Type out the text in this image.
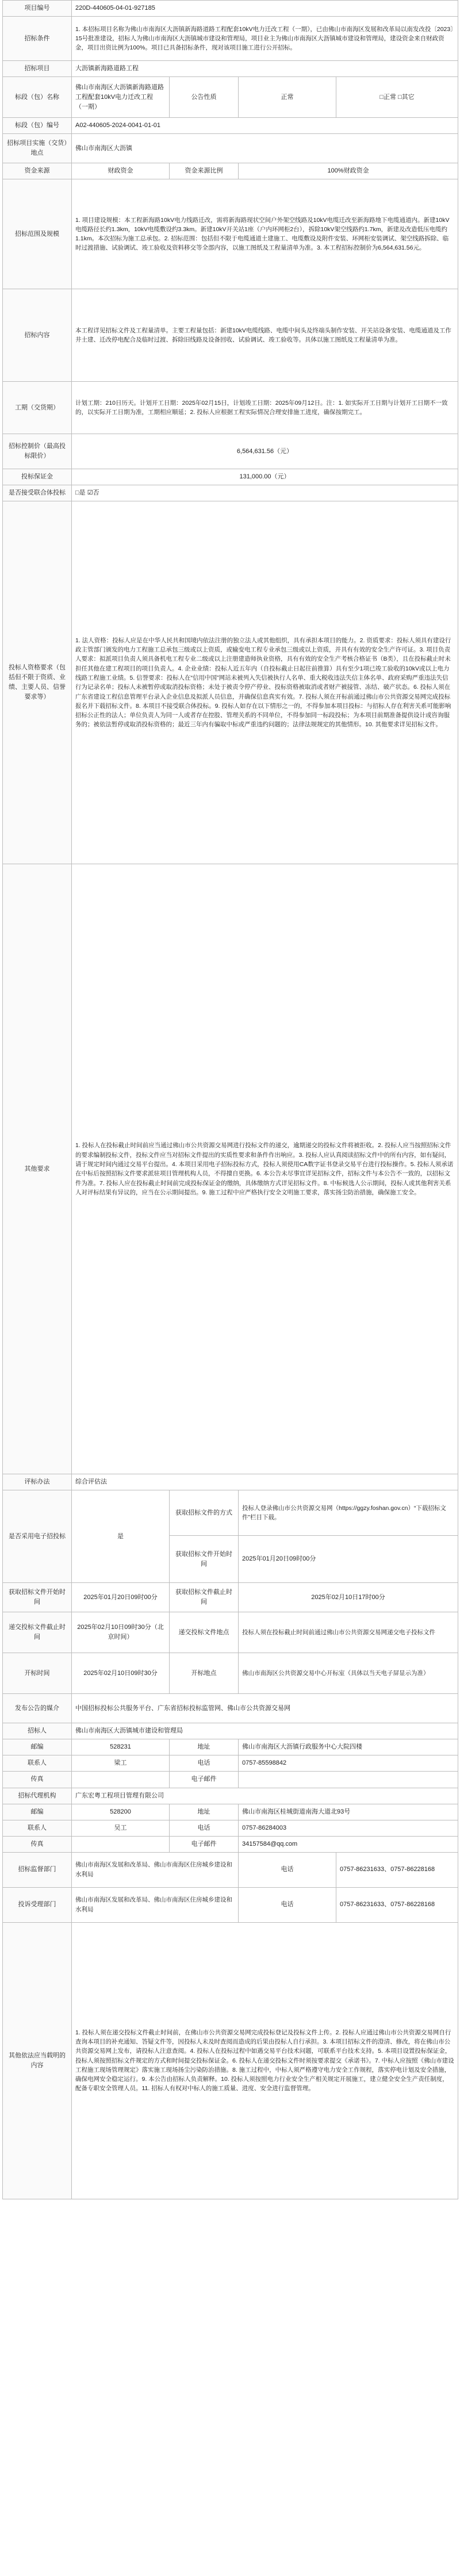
项目编号	220D-440605-04-01-927185			
招标条件	1. 本招标项目名称为佛山市南海区大沥镇新海路道路工程配套10kV电力迁改工程（一期），已由佛山市南海区发展和改革局以南发改投〔2023〕15号批准建设，招标人为佛山市南海区大沥镇城市建设和管理局，项目业主为佛山市南海区大沥镇城市建设和管理局，建设资金来自财政资金，项目出资比例为100%。项目已具备招标条件，现对该项目施工进行公开招标。			
招标项目	大沥镇新海路道路工程			
标段（包）名称	佛山市南海区大沥镇新海路道路工程配套10kV电力迁改工程（一期）	公告性质	正常	□正常 □其它
标段（包）编号	A02-440605-2024-0041-01-01			
招标项目实施（交货）地点	佛山市南海区大沥镇			
资金来源	财政资金	资金来源比例	100%财政资金	
招标范围及规模	1. 项目建设规模：本工程新海路10kV电力线路迁改，需将新海路现状空间户外架空线路及10kV电缆迁改至新海路地下电缆通道内。新建10kV电缆路径长约1.3km，10kV电缆敷设约3.3km。新建10kV开关站1座（户内环网柜2台），拆除10kV架空线路约1.7km，新建及改造低压电缆约1.1km。本次招标为施工总承包。2. 招标范围：包括但不限于电缆通道土建施工、电缆敷设及附件安装、环网柜安装调试、架空线路拆除、临时过渡措施、试验调试、竣工验收及资料移交等全部内容，以施工图纸及工程量清单为准。3. 本工程招标控制价为6,564,631.56元。			
招标内容	本工程详见招标文件及工程量清单。主要工程量包括：新建10kV电缆线路、电缆中间头及终端头制作安装、开关站设备安装、电缆通道及工作井土建、迁改停电配合及临时过渡、拆除旧线路及设备回收、试验调试、竣工验收等。具体以施工图纸及工程量清单为准。			
工期（交货期）	计划工期：210日历天。计划开工日期：2025年02月15日，计划竣工日期：2025年09月12日。注：1. 如实际开工日期与计划开工日期不一致的，以实际开工日期为准，工期相应顺延；2. 投标人应根据工程实际情况合理安排施工进度，确保按期完工。			
招标控制价（最高投标限价）	6,564,631.56（元）			
投标保证金	131,000.00（元）			
是否接受联合体投标	□是 ☑否			
投标人资格要求（包括但不限于资质、业绩、主要人员、信誉要求等）	1. 法人资格：投标人应是在中华人民共和国境内依法注册的独立法人或其他组织，具有承担本项目的能力。2. 资质要求：投标人须具有建设行政主管部门颁发的电力工程施工总承包三级或以上资质，或输变电工程专业承包三级或以上资质，并具有有效的安全生产许可证。3. 项目负责人要求：拟派项目负责人须具备机电工程专业二级或以上注册建造师执业资格，具有有效的安全生产考核合格证书（B类），且在投标截止时未担任其他在建工程项目的项目负责人。4. 企业业绩：投标人近五年内（自投标截止日起往前推算）具有至少1项已竣工验收的10kV或以上电力线路工程施工业绩。5. 信誉要求：投标人在“信用中国”网站未被列入失信被执行人名单、重大税收违法失信主体名单、政府采购严重违法失信行为记录名单；投标人未被暂停或取消投标资格；未处于被责令停产停业、投标资格被取消或者财产被接管、冻结、破产状态。6. 投标人须在广东省建设工程信息管理平台录入企业信息及拟派人员信息，并确保信息真实有效。7. 投标人须在开标前通过佛山市公共资源交易网完成投标报名并下载招标文件。8. 本项目不接受联合体投标。9. 投标人如存在以下情形之一的，不得参加本项目投标：与招标人存在利害关系可能影响招标公正性的法人；单位负责人为同一人或者存在控股、管理关系的不同单位，不得参加同一标段投标；为本项目前期准备提供设计或咨询服务的；被依法暂停或取消投标资格的；最近三年内有骗取中标或严重违约问题的；法律法规规定的其他情形。10. 其他要求详见招标文件。			
其他要求	1. 投标人在投标截止时间前应当通过佛山市公共资源交易网进行投标文件的递交，逾期递交的投标文件将被拒收。2. 投标人应当按照招标文件的要求编制投标文件，投标文件应当对招标文件提出的实质性要求和条件作出响应。3. 投标人应认真阅读招标文件中的所有内容，如有疑问，请于规定时间内通过交易平台提出。4. 本项目采用电子招标投标方式，投标人须使用CA数字证书登录交易平台进行投标操作。5. 投标人须承诺在中标后按照招标文件要求派驻项目管理机构人员，不得擅自更换。6. 本公告未尽事宜详见招标文件，招标文件与本公告不一致的，以招标文件为准。7. 投标人应在投标截止时间前完成投标保证金的缴纳，具体缴纳方式详见招标文件。8. 中标候选人公示期间，投标人或其他利害关系人对评标结果有异议的，应当在公示期间提出。9. 施工过程中应严格执行安全文明施工要求，落实扬尘防治措施，确保施工安全。			
评标办法	综合评估法			
是否采用电子招投标	是	获取招标文件的方式	投标人登录佛山市公共资源交易网（https://ggzy.foshan.gov.cn）“下载招标文件”栏目下载。	
		获取招标文件开始时间	2025年01月20日09时00分	
获取招标文件开始时间	2025年01月20日09时00分	获取招标文件截止时间	2025年02月10日17时00分	
递交投标文件截止时间	2025年02月10日09时30分（北京时间）	递交投标文件地点	投标人须在投标截止时间前通过佛山市公共资源交易网递交电子投标文件	
开标时间	2025年02月10日09时30分	开标地点	佛山市南海区公共资源交易中心开标室（具体以当天电子屏显示为准）	
发布公告的媒介	中国招标投标公共服务平台、广东省招标投标监管网、佛山市公共资源交易网			
招标人	佛山市南海区大沥镇城市建设和管理局			
邮编	528231	地址	佛山市南海区大沥镇行政服务中心大院四楼	
联系人	梁工	电话	0757-85598842	
传真		电子邮件		
招标代理机构	广东宏粤工程项目管理有限公司			
邮编	528200	地址	佛山市南海区桂城街道南海大道北93号	
联系人	吴工	电话	0757-86284003	
传真		电子邮件	34157584@qq.com	
招标监督部门	佛山市南海区发展和改革局、佛山市南海区住房城乡建设和水利局		电话	0757-86231633、0757-86228168
投诉受理部门	佛山市南海区发展和改革局、佛山市南海区住房城乡建设和水利局		电话	0757-86231633、0757-86228168
其他依法应当载明的内容	1. 投标人须在递交投标文件截止时间前，在佛山市公共资源交易网完成投标登记及投标文件上传。2. 投标人应通过佛山市公共资源交易网自行查询本项目的补充通知、答疑文件等，因投标人未及时查阅而造成的后果由投标人自行承担。3. 本项目招标文件的澄清、修改，将在佛山市公共资源交易网上发布，请投标人注意查阅。4. 投标人在投标过程中如遇交易平台技术问题，可联系平台技术支持。5. 本项目设置投标保证金，投标人须按照招标文件规定的方式和时间提交投标保证金。6. 投标人在递交投标文件时须按要求提交《承诺书》。7. 中标人应按照《佛山市建设工程施工现场管理规定》落实施工现场扬尘污染防治措施。8. 施工过程中，中标人须严格遵守电力安全工作规程，落实停电计划及安全措施，确保电网安全稳定运行。9. 本公告由招标人负责解释。10. 投标人须按照电力行业安全生产相关规定开展施工，建立健全安全生产责任制度，配备专职安全管理人员。11. 招标人有权对中标人的施工质量、进度、安全进行监督管理。			
